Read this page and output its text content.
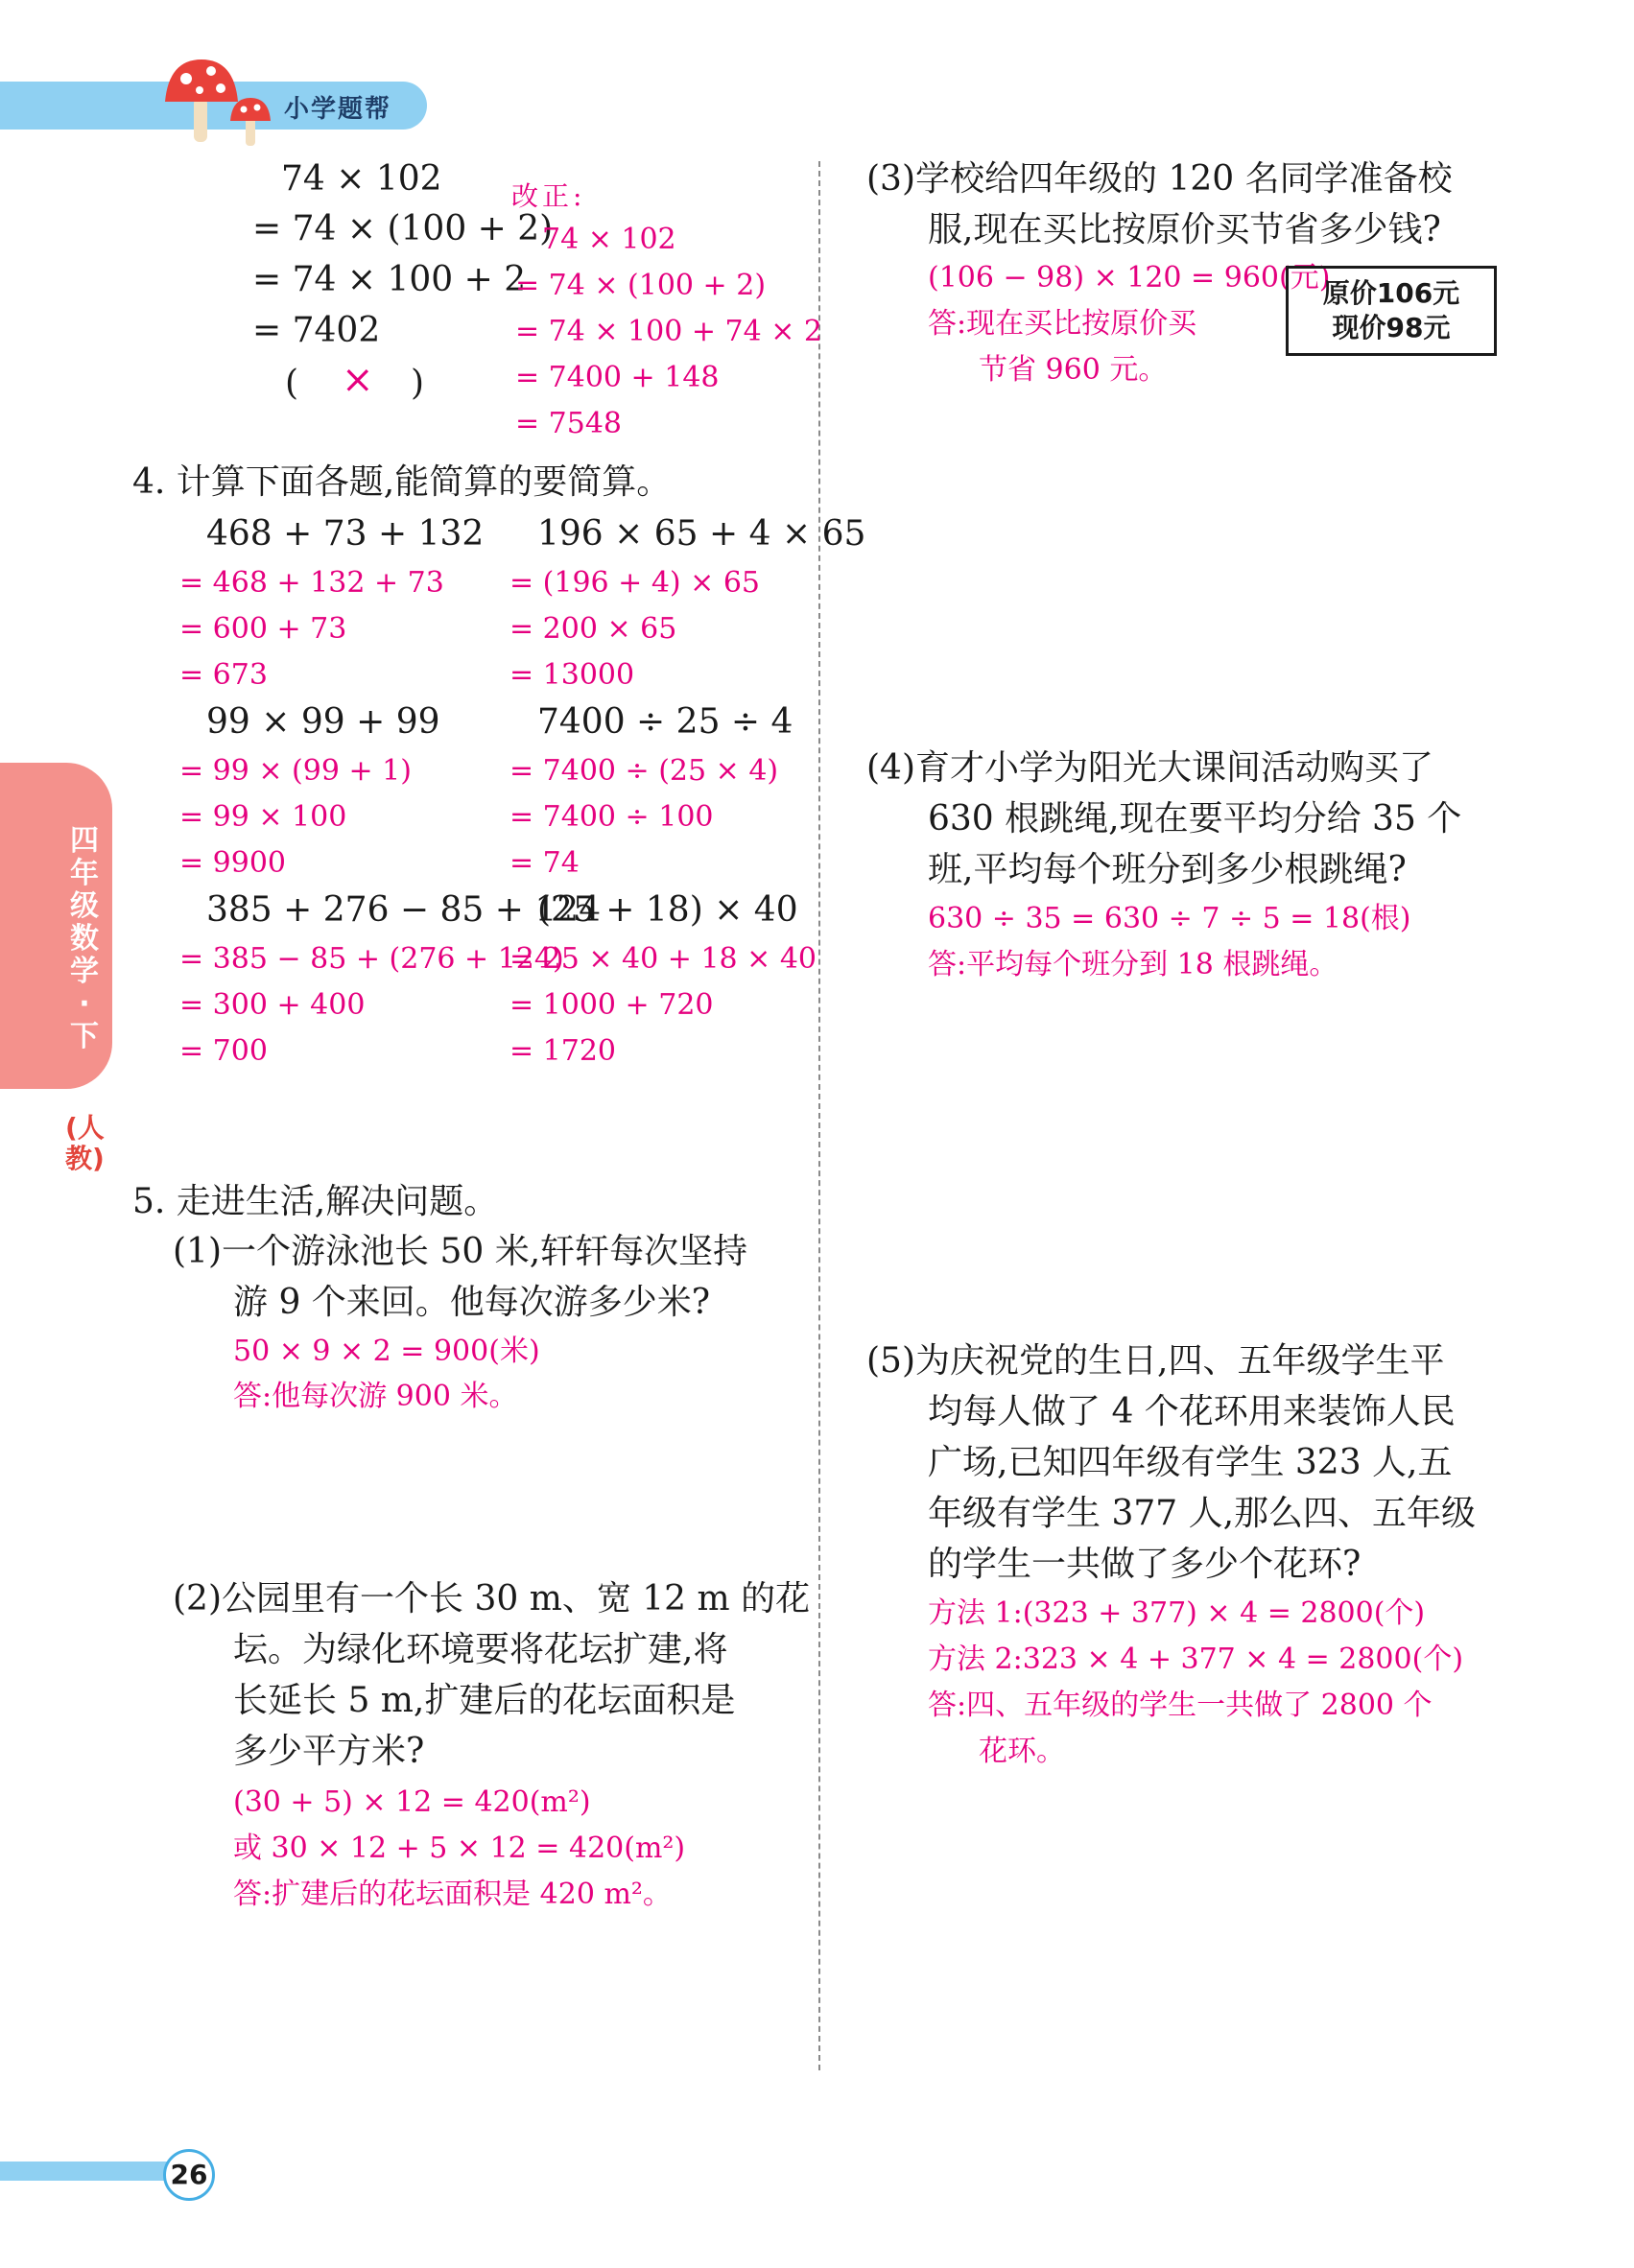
小学题帮
四年级数学·下
(人教)
74 × 102
= 74 × (100 + 2)
= 74 × 100 + 2
= 7402
( × )
改正:
74 × 102
= 74 × (100 + 2)
= 74 × 100 + 74 × 2
= 7400 + 148
= 7548
4. 计算下面各题,能简算的要简算。
468 + 73 + 132
= 468 + 132 + 73
= 600 + 73
= 673
196 × 65 + 4 × 65
= (196 + 4) × 65
= 200 × 65
= 13000
99 × 99 + 99
= 99 × (99 + 1)
= 99 × 100
= 9900
7400 ÷ 25 ÷ 4
= 7400 ÷ (25 × 4)
= 7400 ÷ 100
= 74
385 + 276 − 85 + 124
= 385 − 85 + (276 + 124)
= 300 + 400
= 700
(25 + 18) × 40
= 25 × 40 + 18 × 40
= 1000 + 720
= 1720
5. 走进生活,解决问题。
(1)一个游泳池长 50 米,轩轩每次坚持
游 9 个来回。他每次游多少米?
50 × 9 × 2 = 900(米)
答:他每次游 900 米。
(2)公园里有一个长 30 m、宽 12 m 的花
坛。为绿化环境要将花坛扩建,将
长延长 5 m,扩建后的花坛面积是
多少平方米?
(30 + 5) × 12 = 420(m²)
或 30 × 12 + 5 × 12 = 420(m²)
答:扩建后的花坛面积是 420 m²。
(3)学校给四年级的 120 名同学准备校
服,现在买比按原价买节省多少钱?
(106 − 98) × 120 = 960(元)
答:现在买比按原价买
节省 960 元。
原价106元
现价98元
(4)育才小学为阳光大课间活动购买了
630 根跳绳,现在要平均分给 35 个
班,平均每个班分到多少根跳绳?
630 ÷ 35 = 630 ÷ 7 ÷ 5 = 18(根)
答:平均每个班分到 18 根跳绳。
(5)为庆祝党的生日,四、五年级学生平
均每人做了 4 个花环用来装饰人民
广场,已知四年级有学生 323 人,五
年级有学生 377 人,那么四、五年级
的学生一共做了多少个花环?
方法 1:(323 + 377) × 4 = 2800(个)
方法 2:323 × 4 + 377 × 4 = 2800(个)
答:四、五年级的学生一共做了 2800 个
花环。
26
